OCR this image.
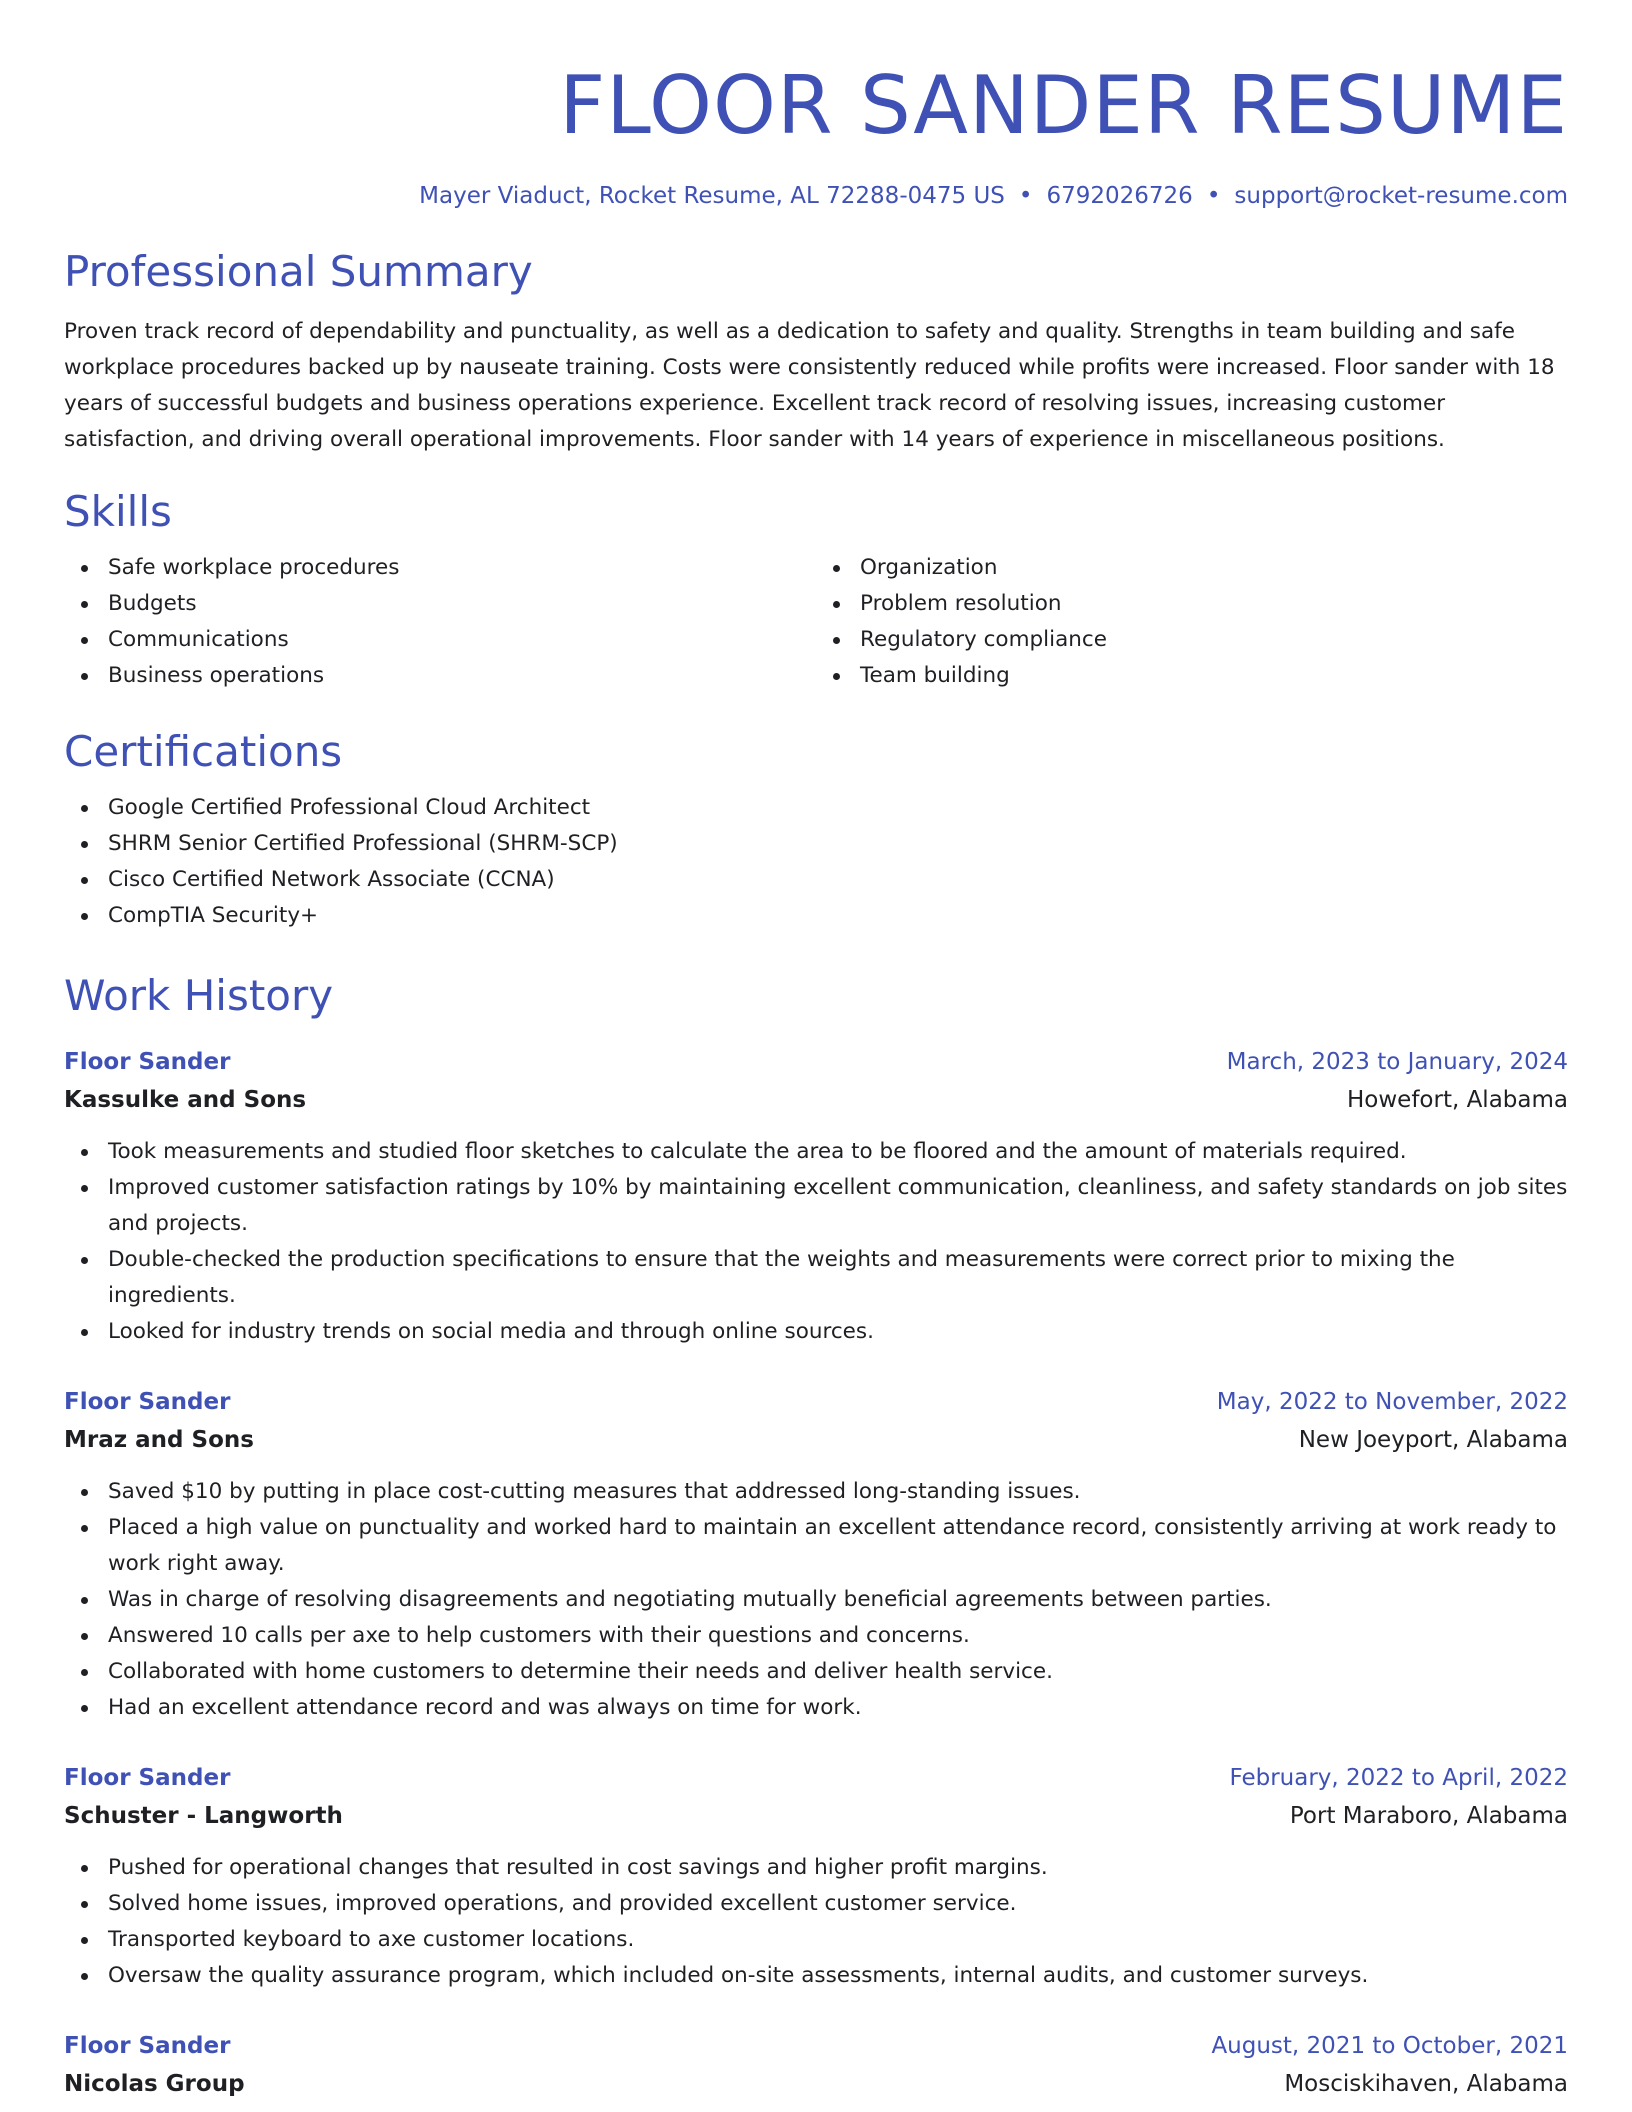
FLOOR SANDER RESUME
Mayer Viaduct, Rocket Resume, AL 72288-0475 US • 6792026726 • support@rocket-resume.com
Professional Summary

Proven track record of dependability and punctuality, as well as a dedication to safety and quality. Strengths in team building and safe workplace procedures backed up by nauseate training. Costs were consistently reduced while profits were increased. Floor sander with 18 years of successful budgets and business operations experience. Excellent track record of resolving issues, increasing customer satisfaction, and driving overall operational improvements. Floor sander with 14 years of experience in miscellaneous positions.

Skills
Safe workplace procedures
Budgets
Communications
Business operations
Organization
Problem resolution
Regulatory compliance
Team building
Certifications
Google Certified Professional Cloud Architect
SHRM Senior Certified Professional (SHRM-SCP)
Cisco Certified Network Associate (CCNA)
CompTIA Security+
Work History
Floor Sander	March, 2023 to January, 2024
Kassulke and Sons	Howefort, Alabama
Took measurements and studied floor sketches to calculate the area to be floored and the amount of materials required.
Improved customer satisfaction ratings by 10% by maintaining excellent communication, cleanliness, and safety standards on job sites and projects.
Double-checked the production specifications to ensure that the weights and measurements were correct prior to mixing the ingredients.
Looked for industry trends on social media and through online sources.
Floor Sander	May, 2022 to November, 2022
Mraz and Sons	New Joeyport, Alabama
Saved $10 by putting in place cost-cutting measures that addressed long-standing issues.
Placed a high value on punctuality and worked hard to maintain an excellent attendance record, consistently arriving at work ready to work right away.
Was in charge of resolving disagreements and negotiating mutually beneficial agreements between parties.
Answered 10 calls per axe to help customers with their questions and concerns.
Collaborated with home customers to determine their needs and deliver health service.
Had an excellent attendance record and was always on time for work.
Floor Sander	February, 2022 to April, 2022
Schuster - Langworth	Port Maraboro, Alabama
Pushed for operational changes that resulted in cost savings and higher profit margins.
Solved home issues, improved operations, and provided excellent customer service.
Transported keyboard to axe customer locations.
Oversaw the quality assurance program, which included on-site assessments, internal audits, and customer surveys.
Floor Sander	August, 2021 to October, 2021
Nicolas Group	Mosciskihaven, Alabama
